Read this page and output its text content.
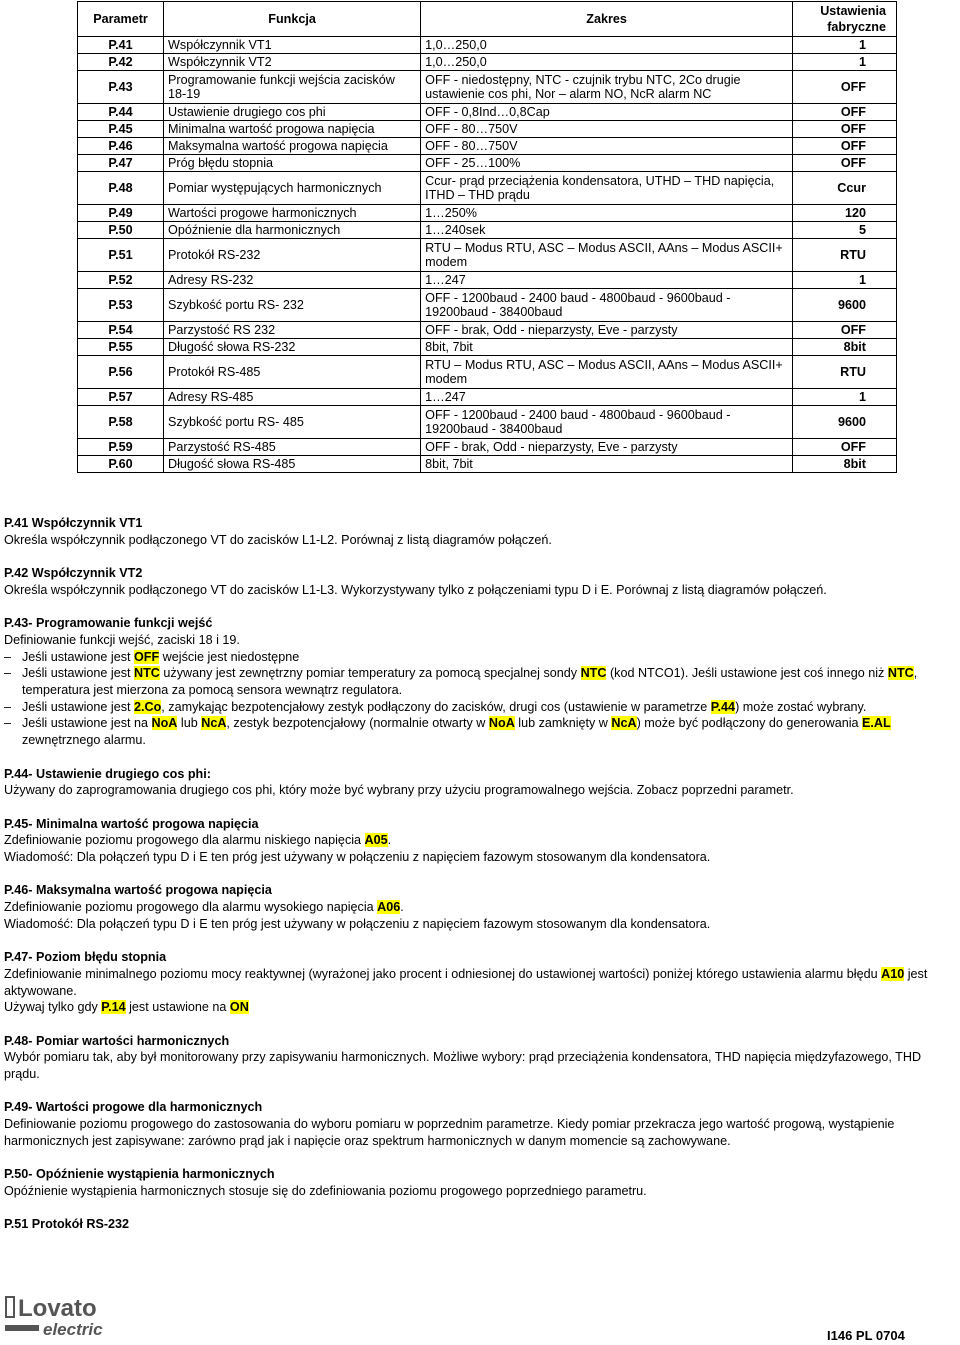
Parametr	Funkcja	Zakres	Ustawienia fabryczne
P.41	Współczynnik VT1	1,0…250,0	1
P.42	Współczynnik VT2	1,0…250,0	1
P.43	Programowanie funkcji wejścia zacisków 18-19	OFF - niedostępny, NTC - czujnik trybu NTC, 2Co drugie ustawienie cos phi, Nor – alarm NO, NcR alarm NC	OFF
P.44	Ustawienie drugiego cos phi	OFF - 0,8Ind…0,8Cap	OFF
P.45	Minimalna wartość progowa napięcia	OFF - 80…750V	OFF
P.46	Maksymalna wartość progowa napięcia	OFF - 80…750V	OFF
P.47	Próg błędu stopnia	OFF - 25…100%	OFF
P.48	Pomiar występujących harmonicznych	Ccur- prąd przeciążenia kondensatora, UTHD – THD napięcia, ITHD – THD prądu	Ccur
P.49	Wartości progowe harmonicznych	1…250%	120
P.50	Opóźnienie dla harmonicznych	1…240sek	5
P.51	Protokół RS-232	RTU – Modus RTU, ASC – Modus ASCII, AAns – Modus ASCII+ modem	RTU
P.52	Adresy RS-232	1…247	1
P.53	Szybkość portu RS- 232	OFF - 1200baud - 2400 baud - 4800baud - 9600baud - 19200baud - 38400baud	9600
P.54	Parzystość RS 232	OFF - brak, Odd - nieparzysty, Eve - parzysty	OFF
P.55	Długość słowa RS-232	8bit, 7bit	8bit
P.56	Protokół RS-485	RTU – Modus RTU, ASC – Modus ASCII, AAns – Modus ASCII+ modem	RTU
P.57	Adresy RS-485	1…247	1
P.58	Szybkość portu RS- 485	OFF - 1200baud - 2400 baud - 4800baud - 9600baud - 19200baud - 38400baud	9600
P.59	Parzystość RS-485	OFF - brak, Odd - nieparzysty, Eve - parzysty	OFF
P.60	Długość słowa RS-485	8bit, 7bit	8bit

P.41 Współczynnik VT1
Określa współczynnik podłączonego VT do zacisków L1-L2. Porównaj z listą diagramów połączeń.

P.42 Współczynnik VT2
Określa współczynnik podłączonego VT do zacisków L1-L3. Wykorzystywany tylko z połączeniami typu D i E. Porównaj z listą diagramów połączeń.

P.43- Programowanie funkcji wejść
Definiowanie funkcji wejść, zaciski 18 i 19.
– Jeśli ustawione jest OFF wejście jest niedostępne
– Jeśli ustawione jest NTC używany jest zewnętrzny pomiar temperatury za pomocą specjalnej sondy NTC (kod NTCO1). Jeśli ustawione jest coś innego niż NTC, temperatura jest mierzona za pomocą sensora wewnątrz regulatora.
– Jeśli ustawione jest 2.Co, zamykając bezpotencjałowy zestyk podłączony do zacisków, drugi cos (ustawienie w parametrze P.44) może zostać wybrany.
– Jeśli ustawione jest na NoA lub NcA, zestyk bezpotencjałowy (normalnie otwarty w NoA lub zamknięty w NcA) może być podłączony do generowania E.AL zewnętrznego alarmu.

P.44- Ustawienie drugiego cos phi:
Używany do zaprogramowania drugiego cos phi, który może być wybrany przy użyciu programowalnego wejścia. Zobacz poprzedni parametr.

P.45- Minimalna wartość progowa napięcia
Zdefiniowanie poziomu progowego dla alarmu niskiego napięcia A05.
Wiadomość: Dla połączeń typu D i E ten próg jest używany w połączeniu z napięciem fazowym stosowanym dla kondensatora.

P.46- Maksymalna wartość progowa napięcia
Zdefiniowanie poziomu progowego dla alarmu wysokiego napięcia A06.
Wiadomość: Dla połączeń typu D i E ten próg jest używany w połączeniu z napięciem fazowym stosowanym dla kondensatora.

P.47- Poziom błędu stopnia
Zdefiniowanie minimalnego poziomu mocy reaktywnej (wyrażonej jako procent i odniesionej do ustawionej wartości) poniżej którego ustawienia alarmu błędu A10 jest aktywowane.
Używaj tylko gdy P.14 jest ustawione na ON

P.48- Pomiar wartości harmonicznych
Wybór pomiaru tak, aby był monitorowany przy zapisywaniu harmonicznych. Możliwe wybory: prąd przeciążenia kondensatora, THD napięcia międzyfazowego, THD prądu.

P.49- Wartości progowe dla harmonicznych
Definiowanie poziomu progowego do zastosowania do wyboru pomiaru w poprzednim parametrze. Kiedy pomiar przekracza jego wartość progową, wystąpienie harmonicznych jest zapisywane: zarówno prąd jak i napięcie oraz spektrum harmonicznych w danym momencie są zachowywane.

P.50- Opóźnienie wystąpienia harmonicznych
Opóźnienie wystąpienia harmonicznych stosuje się do zdefiniowania poziomu progowego poprzedniego parametru.

P.51 Protokół RS-232

Lovato
electric	I146 PL 0704
